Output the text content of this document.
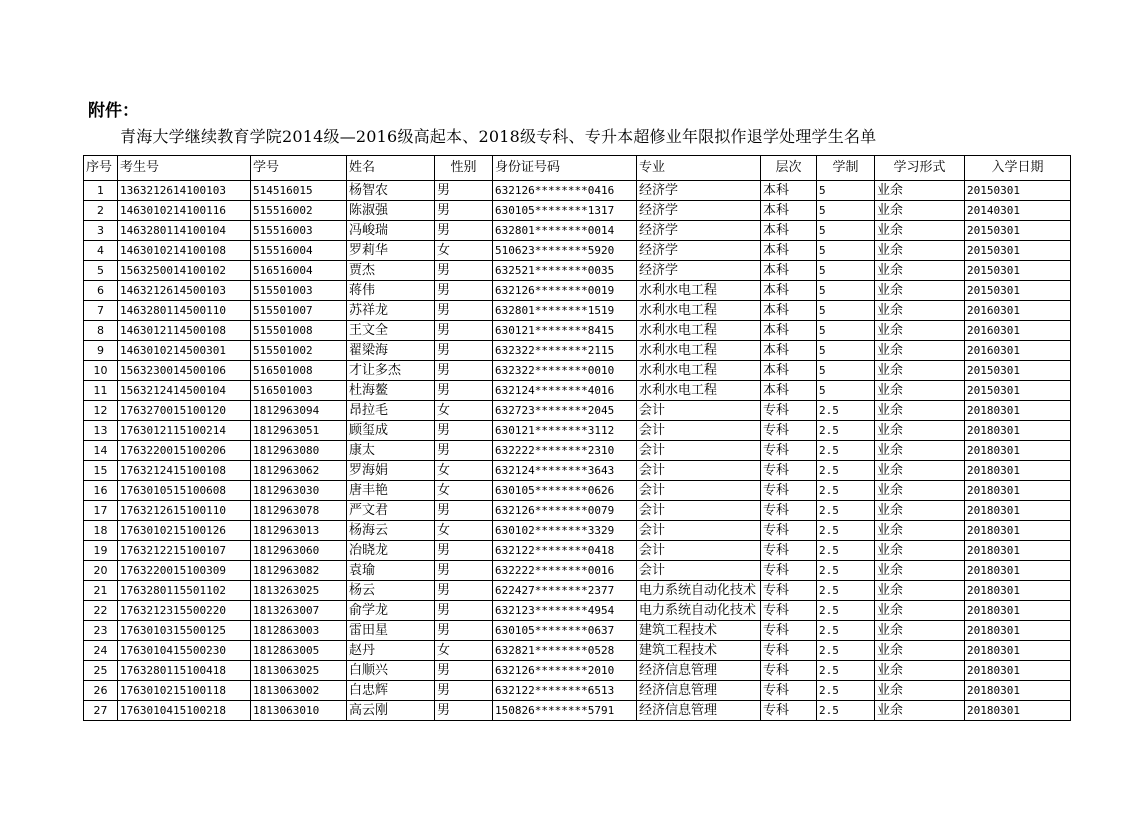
附件：
青海大学继续教育学院2014级—2016级高起本、2018级专科、专升本超修业年限拟作退学处理学生名单
序号	考生号	学号	姓名	性别	身份证号码	专业	层次	学制	学习形式	入学日期
1	1363212614100103	514516015	杨智农	男	632126********0416	经济学	本科	5	业余	20150301
2	1463010214100116	515516002	陈淑强	男	630105********1317	经济学	本科	5	业余	20140301
3	1463280114100104	515516003	冯峻瑞	男	632801********0014	经济学	本科	5	业余	20150301
4	1463010214100108	515516004	罗莉华	女	510623********5920	经济学	本科	5	业余	20150301
5	1563250014100102	516516004	贾杰	男	632521********0035	经济学	本科	5	业余	20150301
6	1463212614500103	515501003	蒋伟	男	632126********0019	水利水电工程	本科	5	业余	20150301
7	1463280114500110	515501007	苏祥龙	男	632801********1519	水利水电工程	本科	5	业余	20160301
8	1463012114500108	515501008	王文全	男	630121********8415	水利水电工程	本科	5	业余	20160301
9	1463010214500301	515501002	翟梁海	男	632322********2115	水利水电工程	本科	5	业余	20160301
10	1563230014500106	516501008	才让多杰	男	632322********0010	水利水电工程	本科	5	业余	20150301
11	1563212414500104	516501003	杜海鳌	男	632124********4016	水利水电工程	本科	5	业余	20150301
12	1763270015100120	1812963094	昂拉毛	女	632723********2045	会计	专科	2.5	业余	20180301
13	1763012115100214	1812963051	顾玺成	男	630121********3112	会计	专科	2.5	业余	20180301
14	1763220015100206	1812963080	康太	男	632222********2310	会计	专科	2.5	业余	20180301
15	1763212415100108	1812963062	罗海娟	女	632124********3643	会计	专科	2.5	业余	20180301
16	1763010515100608	1812963030	唐丰艳	女	630105********0626	会计	专科	2.5	业余	20180301
17	1763212615100110	1812963078	严文君	男	632126********0079	会计	专科	2.5	业余	20180301
18	1763010215100126	1812963013	杨海云	女	630102********3329	会计	专科	2.5	业余	20180301
19	1763212215100107	1812963060	冶晓龙	男	632122********0418	会计	专科	2.5	业余	20180301
20	1763220015100309	1812963082	袁瑜	男	632222********0016	会计	专科	2.5	业余	20180301
21	1763280115501102	1813263025	杨云	男	622427********2377	电力系统自动化技术	专科	2.5	业余	20180301
22	1763212315500220	1813263007	俞学龙	男	632123********4954	电力系统自动化技术	专科	2.5	业余	20180301
23	1763010315500125	1812863003	雷田星	男	630105********0637	建筑工程技术	专科	2.5	业余	20180301
24	1763010415500230	1812863005	赵丹	女	632821********0528	建筑工程技术	专科	2.5	业余	20180301
25	1763280115100418	1813063025	白顺兴	男	632126********2010	经济信息管理	专科	2.5	业余	20180301
26	1763010215100118	1813063002	白忠辉	男	632122********6513	经济信息管理	专科	2.5	业余	20180301
27	1763010415100218	1813063010	高云刚	男	150826********5791	经济信息管理	专科	2.5	业余	20180301
